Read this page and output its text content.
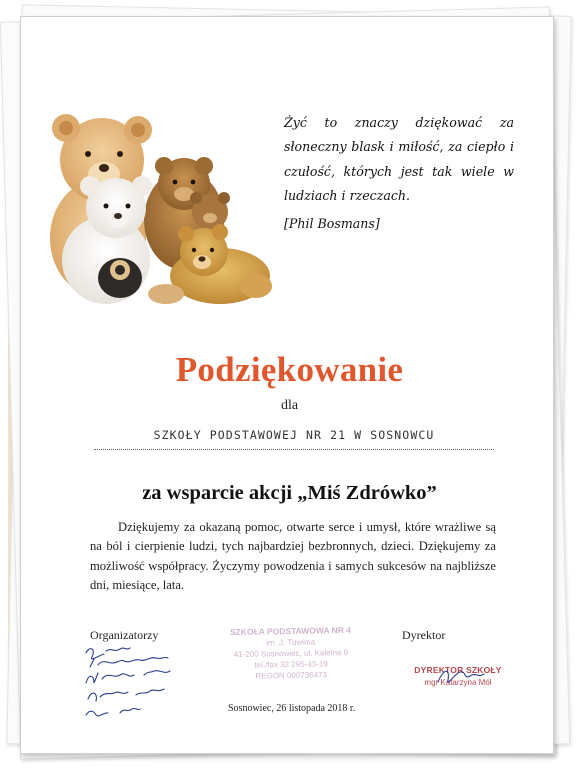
Żyć to znaczy dziękować za słoneczny blask i miłość, za ciepło i czułość, których jest tak wiele w ludziach i rzeczach.

[Phil Bosmans]

Podziękowanie
dla
SZKOŁY PODSTAWOWEJ NR 21 W SOSNOWCU
za wsparcie akcji „Miś Zdrówko”

Dziękujemy za okazaną pomoc, otwarte serce i umysł, które wrażliwe są na ból i cierpienie ludzi, tych najbardziej bezbronnych, dzieci. Dziękujemy za możliwość współpracy. Życzymy powodzenia i samych sukcesów na najbliższe dni, miesiące, lata.

Organizatorzy	Dyrektor
SZKOŁA PODSTAWOWA NR 4
im. J. Tuwima
41-200 Sosnowiec, ul. Kalelna 9
tel./fax 32 295-43-19
REGON 000736473
DYREKTOR SZKOŁY
mgr Katarzyna Mól
Sosnowiec, 26 listopada 2018 r.
